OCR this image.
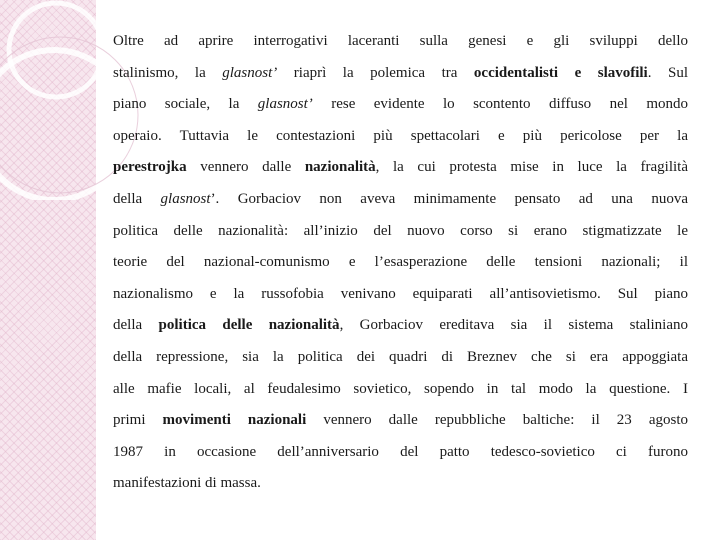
Oltre ad aprire interrogativi laceranti sulla genesi e gli sviluppi dello
stalinismo, la glasnost’ riaprì la polemica tra occidentalisti e slavofili. Sul
piano sociale, la glasnost’ rese evidente lo scontento diffuso nel mondo
operaio. Tuttavia le contestazioni più spettacolari e più pericolose per la
perestrojka vennero dalle nazionalità, la cui protesta mise in luce la fragilità
della glasnost’. Gorbaciov non aveva minimamente pensato ad una nuova
politica delle nazionalità: all’inizio del nuovo corso si erano stigmatizzate le
teorie del nazional-comunismo e l’esasperazione delle tensioni nazionali; il
nazionalismo e la russofobia venivano equiparati all’antisovietismo. Sul piano
della politica delle nazionalità, Gorbaciov ereditava sia il sistema staliniano
della repressione, sia la politica dei quadri di Breznev che si era appoggiata
alle mafie locali, al feudalesimo sovietico, sopendo in tal modo la questione. I
primi movimenti nazionali vennero dalle repubbliche baltiche: il 23 agosto
1987 in occasione dell’anniversario del patto tedesco-sovietico ci furono
manifestazioni di massa.
